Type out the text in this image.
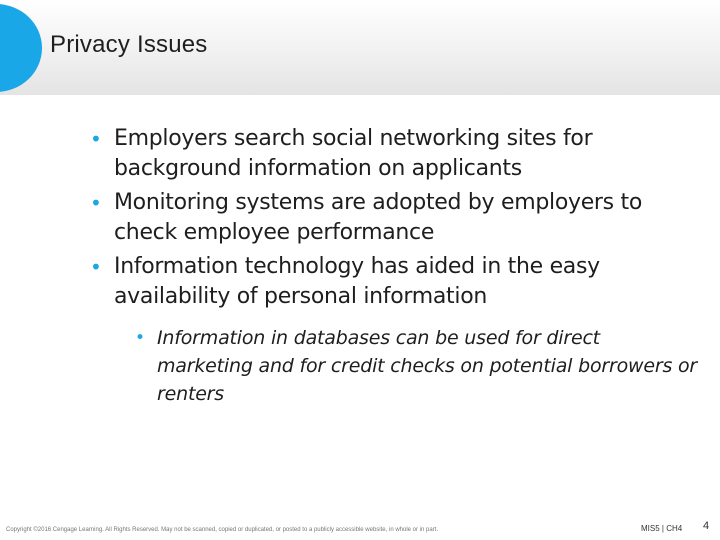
Privacy Issues
• Employers search social networking sites for background information on applicants
• Monitoring systems are adopted by employers to check employee performance
• Information technology has aided in the easy availability of personal information
• Information in databases can be used for direct marketing and for credit checks on potential borrowers or renters
Copyright ©2016 Cengage Learning. All Rights Reserved. May not be scanned, copied or duplicated, or posted to a publicly accessible website, in whole or in part.	MIS5 | CH4 4
